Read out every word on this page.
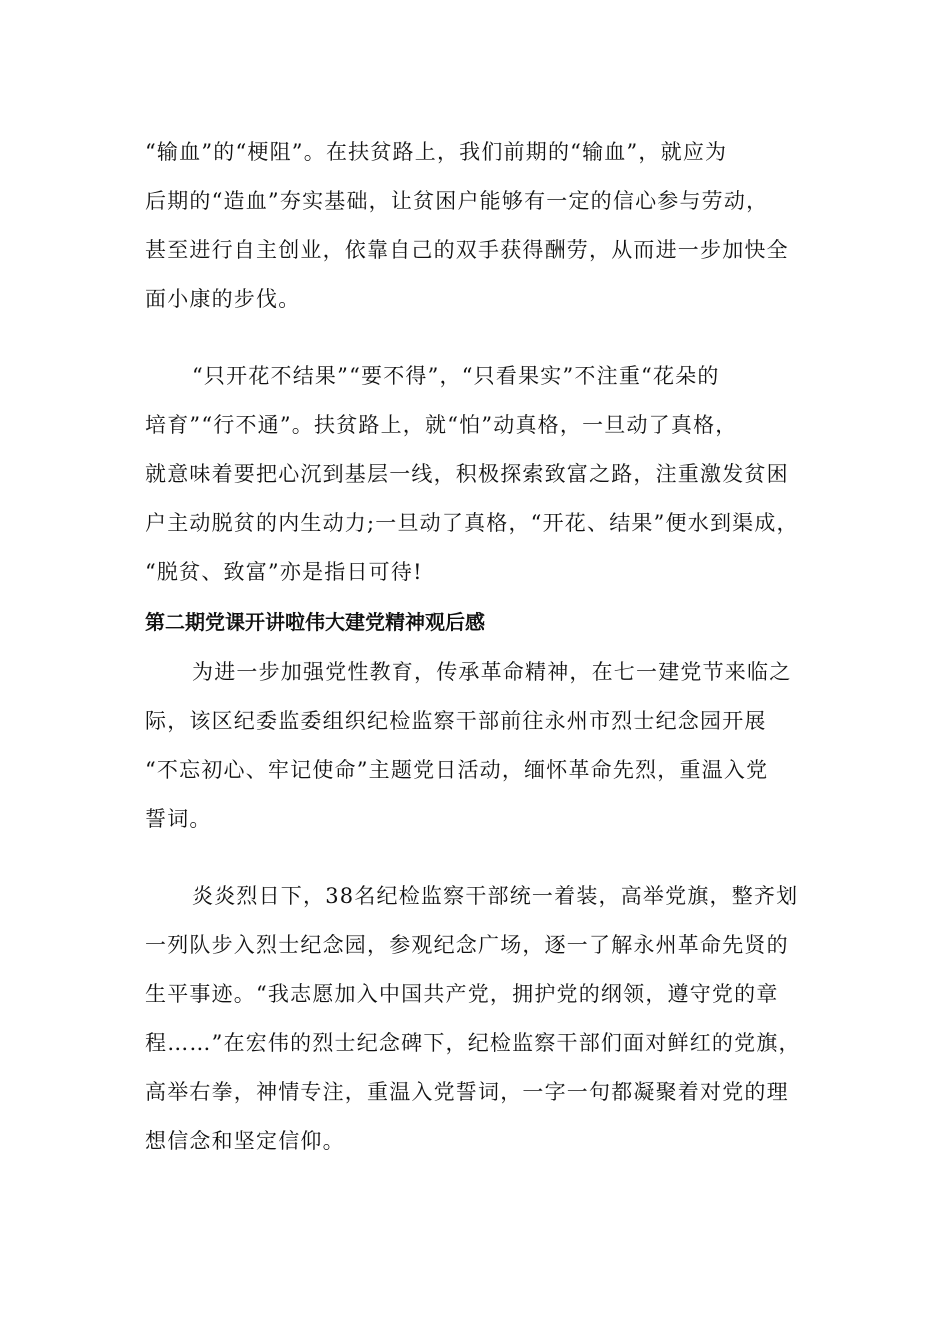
“输血”的“梗阻”。在扶贫路上，我们前期的“输血”，就应为
后期的“造血”夯实基础，让贫困户能够有一定的信心参与劳动，
甚至进行自主创业，依靠自己的双手获得酬劳，从而进一步加快全
面小康的步伐。
“只开花不结果”“要不得”，“只看果实”不注重“花朵的
培育”“行不通”。扶贫路上，就“怕”动真格，一旦动了真格，
就意味着要把心沉到基层一线，积极探索致富之路，注重激发贫困
户主动脱贫的内生动力;一旦动了真格，“开花、结果”便水到渠成，
“脱贫、致富”亦是指日可待!
第二期党课开讲啦伟大建党精神观后感
为进一步加强党性教育，传承革命精神，在七一建党节来临之
际，该区纪委监委组织纪检监察干部前往永州市烈士纪念园开展
“不忘初心、牢记使命”主题党日活动，缅怀革命先烈，重温入党
誓词。
炎炎烈日下，38名纪检监察干部统一着装，高举党旗，整齐划
一列队步入烈士纪念园，参观纪念广场，逐一了解永州革命先贤的
生平事迹。“我志愿加入中国共产党，拥护党的纲领，遵守党的章
程……”在宏伟的烈士纪念碑下，纪检监察干部们面对鲜红的党旗，
高举右拳，神情专注，重温入党誓词，一字一句都凝聚着对党的理
想信念和坚定信仰。
